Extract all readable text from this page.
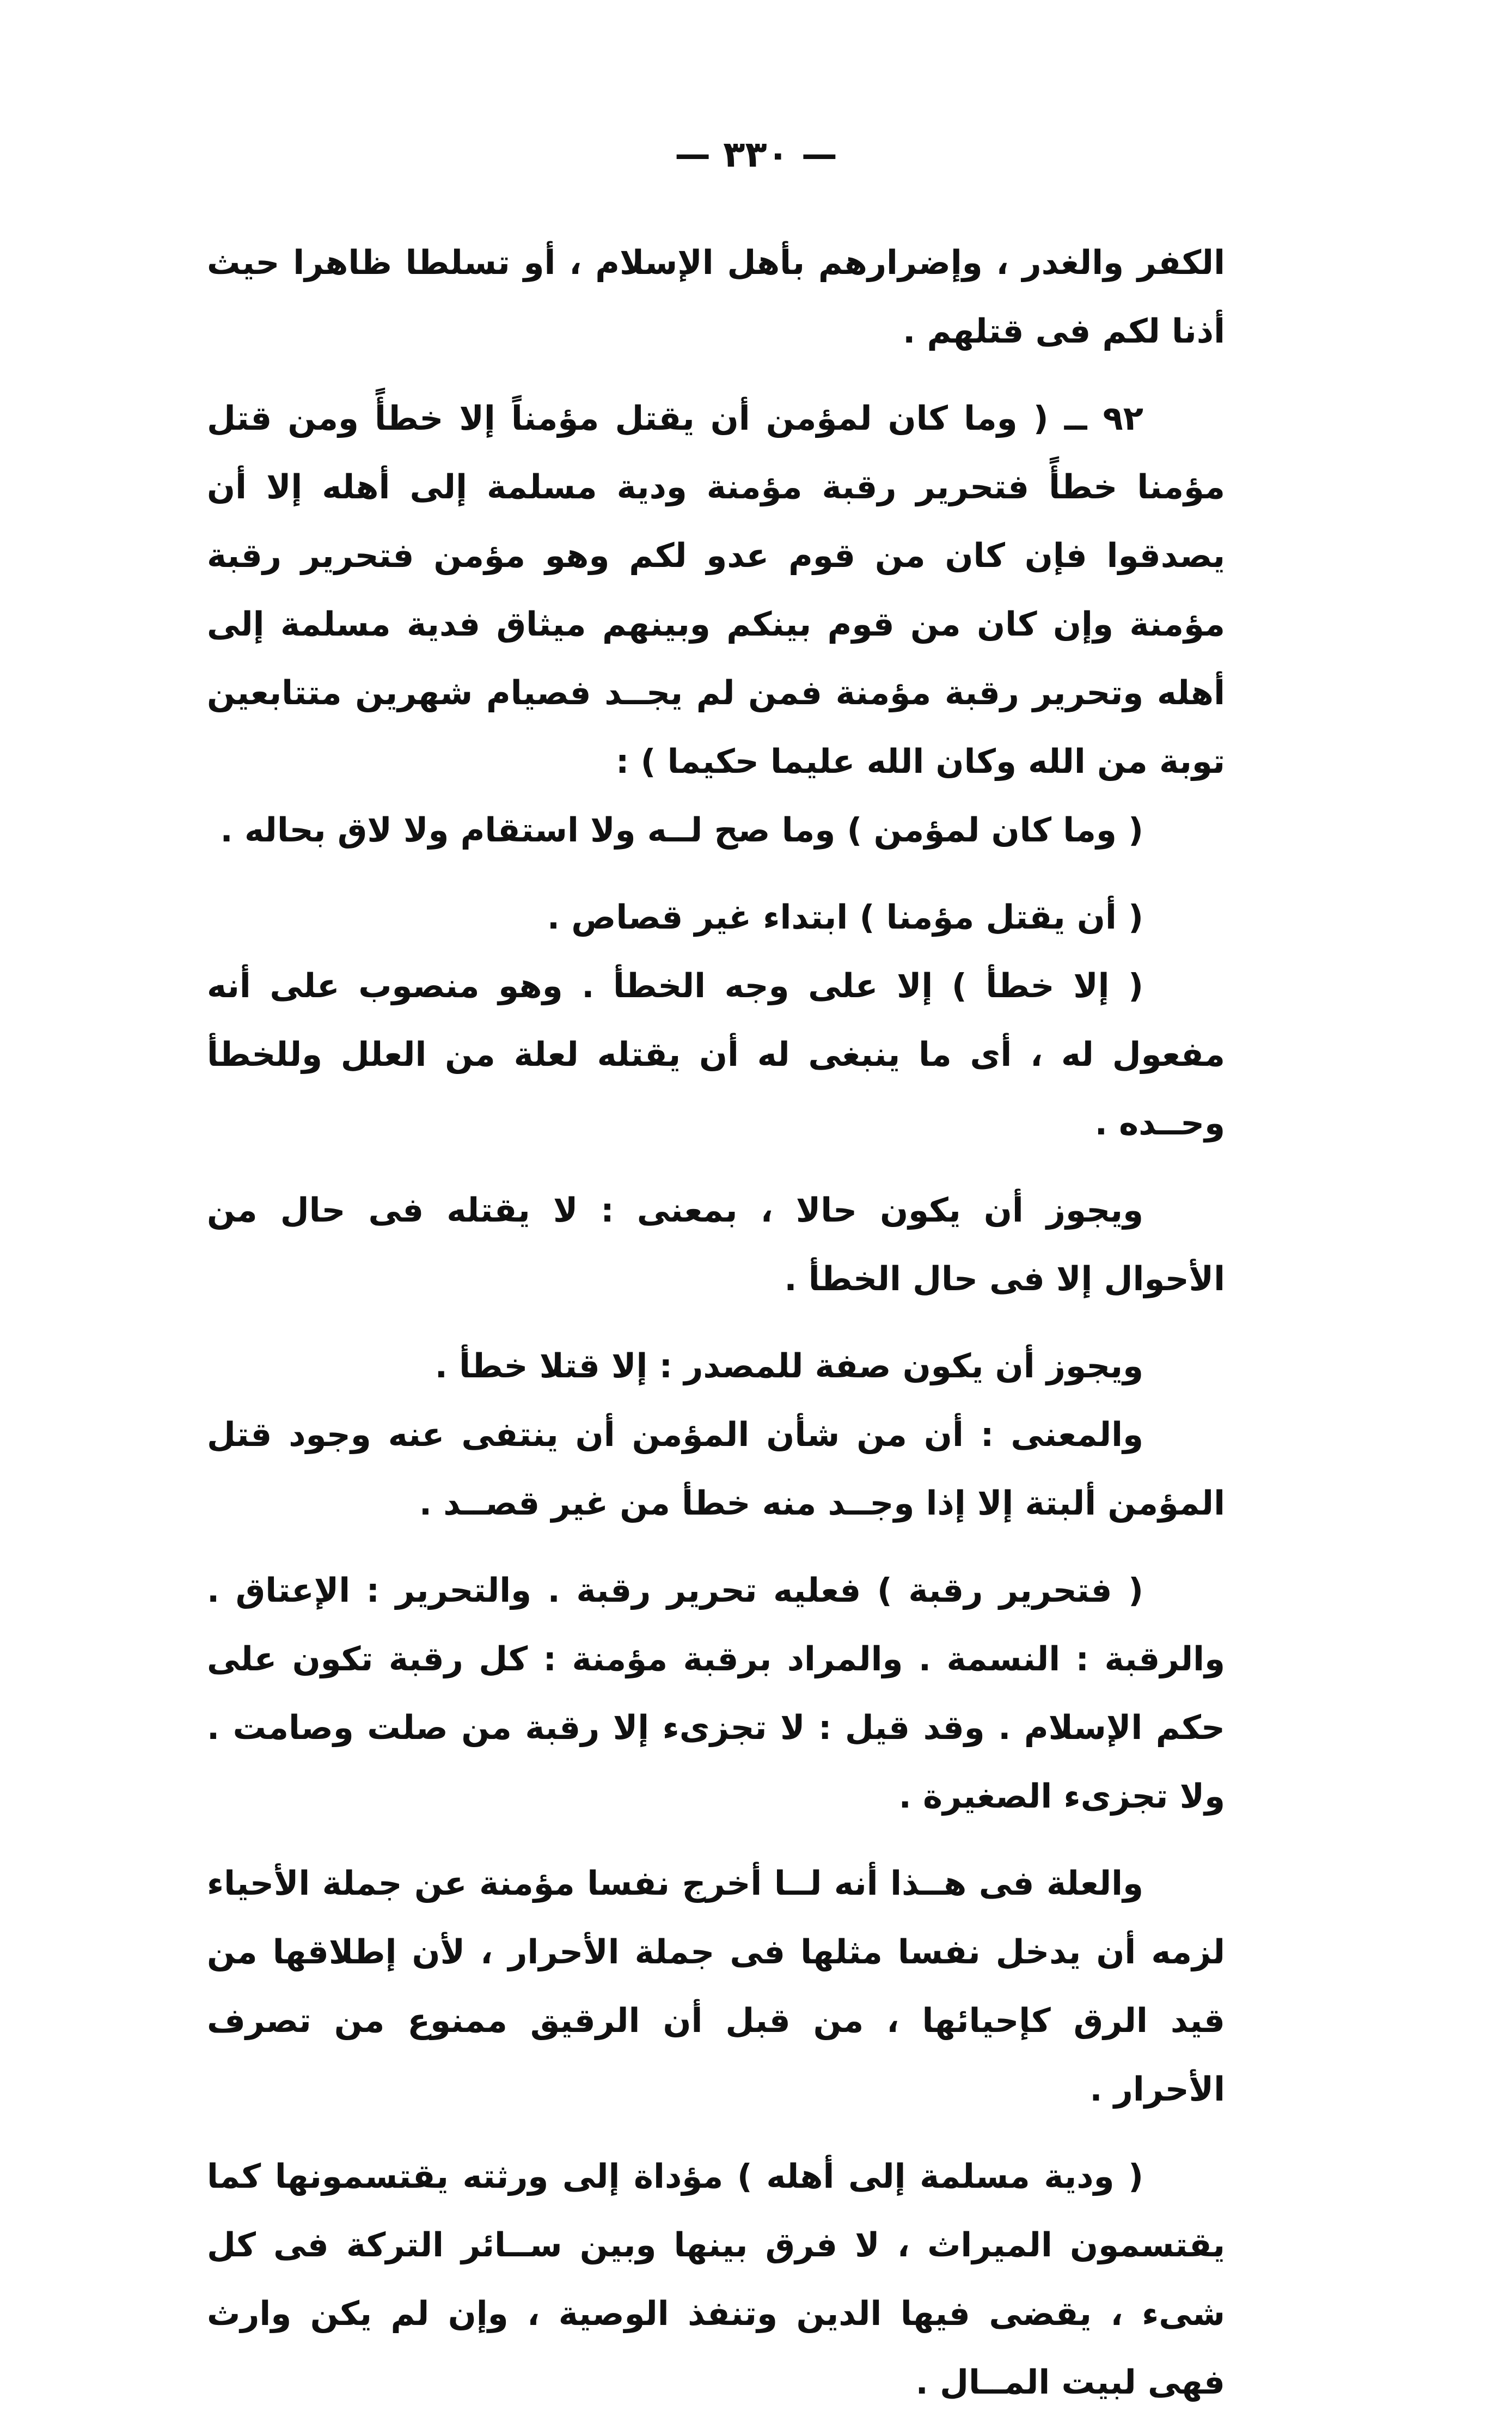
— ٣٣٠ —

الكفر والغدر ، وإضرارهم بأهل الإسلام ، أو تسلطا ظاهرا حيث أذنا لكم فى قتلهم .

٩٢ ــ ( وما كان لمؤمن أن يقتل مؤمناً إلا خطأً ومن قتل مؤمنا خطأً فتحرير رقبة مؤمنة ودية مسلمة إلى أهله إلا أن يصدقوا فإن كان من قوم عدو لكم وهو مؤمن فتحرير رقبة مؤمنة وإن كان من قوم بينكم وبينهم ميثاق فدية مسلمة إلى أهله وتحرير رقبة مؤمنة فمن لم يجــد فصيام شهرين متتابعين توبة من الله وكان الله عليما حكيما ) :

( وما كان لمؤمن ) وما صح لــه ولا استقام ولا لاق بحاله .

( أن يقتل مؤمنا ) ابتداء غير قصاص .

( إلا خطأ ) إلا على وجه الخطأ . وهو منصوب على أنه مفعول له ، أى ما ينبغى له أن يقتله لعلة من العلل وللخطأ وحــده .

ويجوز أن يكون حالا ، بمعنى : لا يقتله فى حال من الأحوال إلا فى حال الخطأ .

ويجوز أن يكون صفة للمصدر : إلا قتلا خطأ .

والمعنى : أن من شأن المؤمن أن ينتفى عنه وجود قتل المؤمن ألبتة إلا إذا وجــد منه خطأ من غير قصــد .

( فتحرير رقبة ) فعليه تحرير رقبة . والتحرير : الإعتاق . والرقبة : النسمة . والمراد برقبة مؤمنة : كل رقبة تكون على حكم الإسلام . وقد قيل : لا تجزىء إلا رقبة من صلت وصامت . ولا تجزىء الصغيرة .

والعلة فى هــذا أنه لــا أخرج نفسا مؤمنة عن جملة الأحياء لزمه أن يدخل نفسا مثلها فى جملة الأحرار ، لأن إطلاقها من قيد الرق كإحيائها ، من قبل أن الرقيق ممنوع من تصرف الأحرار .

( ودية مسلمة إلى أهله ) مؤداة إلى ورثته يقتسمونها كما يقتسمون الميراث ، لا فرق بينها وبين ســائر التركة فى كل شىء ، يقضى فيها الدين وتنفذ الوصية ، وإن لم يكن وارث فهى لبيت المــال .
